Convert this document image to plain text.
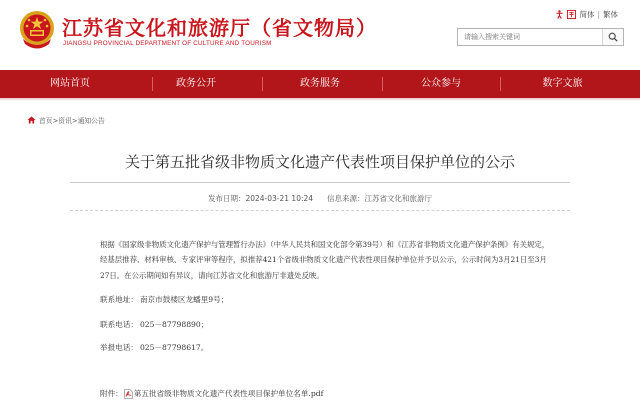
江苏省文化和旅游厅（省文物局）
JIANGSU PROVINCIAL DEPARTMENT OF CULTURE AND TOURISM
简体 | 繁体
请输入搜索关键词
网站首页	政务公开	政务服务	公众参与	数字文旅
首页>资讯>通知公告
关于第五批省级非物质文化遗产代表性项目保护单位的公示
发布日期：2024-03-21 10:24 信息来源：江苏省文化和旅游厅
根据《国家级非物质文化遗产保护与管理暂行办法》（中华人民共和国文化部令第39号）和《江苏省非物质文化遗产保护条例》有关规定，经基层推荐、材料审核、专家评审等程序，拟推荐421个省级非物质文化遗产代表性项目保护单位并予以公示，公示时间为3月21日至3月27日。在公示期间如有异议，请向江苏省文化和旅游厅非遗处反映。
联系地址： 南京市鼓楼区龙蟠里9号；
联系电话： 025－87798890；
举报电话： 025－87798617。
附件： 第五批省级非物质文化遗产代表性项目保护单位名单.pdf
